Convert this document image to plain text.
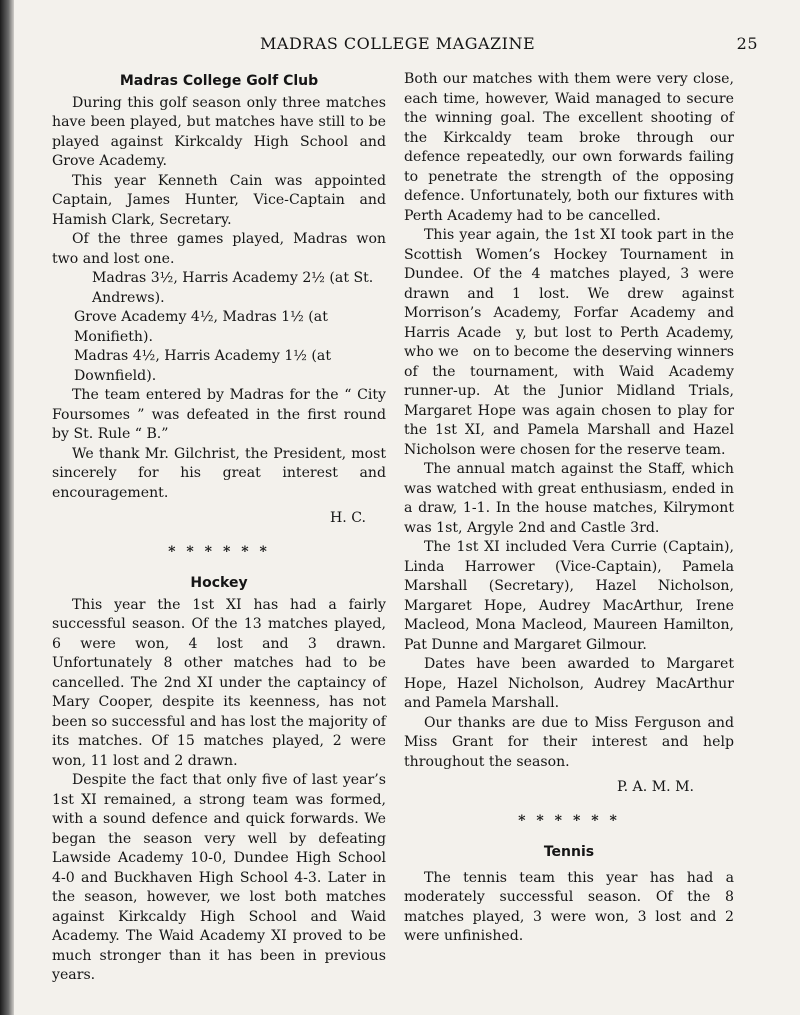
MADRAS COLLEGE MAGAZINE	25
Madras College Golf Club

During this golf season only three matches have been played, but matches have still to be played against Kirkcaldy High School and Grove Academy.

This year Kenneth Cain was appointed Captain, James Hunter, Vice-Captain and Hamish Clark, Secretary.

Of the three games played, Madras won two and lost one.

Madras 3½, Harris Academy 2½ (at St. Andrews).

Grove Academy 4½, Madras 1½ (at Monifieth).

Madras 4½, Harris Academy 1½ (at Downfield).

The team entered by Madras for the “ City Foursomes ” was defeated in the first round by St. Rule “ B.”

We thank Mr. Gilchrist, the President, most sincerely for his great interest and encouragement.

H. C.
* * * * * *
Hockey

This year the 1st XI has had a fairly successful season. Of the 13 matches played, 6 were won, 4 lost and 3 drawn. Unfortunately 8 other matches had to be cancelled. The 2nd XI under the captaincy of Mary Cooper, despite its keenness, has not been so successful and has lost the majority of its matches. Of 15 matches played, 2 were won, 11 lost and 2 drawn.

Despite the fact that only five of last year’s 1st XI remained, a strong team was formed, with a sound defence and quick forwards. We began the season very well by defeating Lawside Academy 10-0, Dundee High School 4-0 and Buckhaven High School 4-3. Later in the season, however, we lost both matches against Kirkcaldy High School and Waid Academy. The Waid Academy XI proved to be much stronger than it has been in previous years.

Both our matches with them were very close, each time, however, Waid managed to secure the winning goal. The excellent shooting of the Kirkcaldy team broke through our defence repeatedly, our own forwards failing to penetrate the strength of the opposing defence. Unfortunately, both our fixtures with Perth Academy had to be cancelled.

This year again, the 1st XI took part in the Scottish Women’s Hockey Tournament in Dundee. Of the 4 matches played, 3 were drawn and 1 lost. We drew against Morrison’s Academy, Forfar Academy and Harris Acade  y, but lost to Perth Academy, who we   on to become the deserving winners of the tournament, with Waid Academy runner-up. At the Junior Midland Trials, Margaret Hope was again chosen to play for the 1st XI, and Pamela Marshall and Hazel Nicholson were chosen for the reserve team.

The annual match against the Staff, which was watched with great enthusiasm, ended in a draw, 1-1. In the house matches, Kilrymont was 1st, Argyle 2nd and Castle 3rd.

The 1st XI included Vera Currie (Captain), Linda Harrower (Vice-Captain), Pamela Marshall (Secretary), Hazel Nicholson, Margaret Hope, Audrey MacArthur, Irene Macleod, Mona Macleod, Maureen Hamilton, Pat Dunne and Margaret Gilmour.

Dates have been awarded to Margaret Hope, Hazel Nicholson, Audrey MacArthur and Pamela Marshall.

Our thanks are due to Miss Ferguson and Miss Grant for their interest and help throughout the season.

P. A. M. M.
* * * * * *
Tennis

The tennis team this year has had a moderately successful season. Of the 8 matches played, 3 were won, 3 lost and 2 were unfinished.
